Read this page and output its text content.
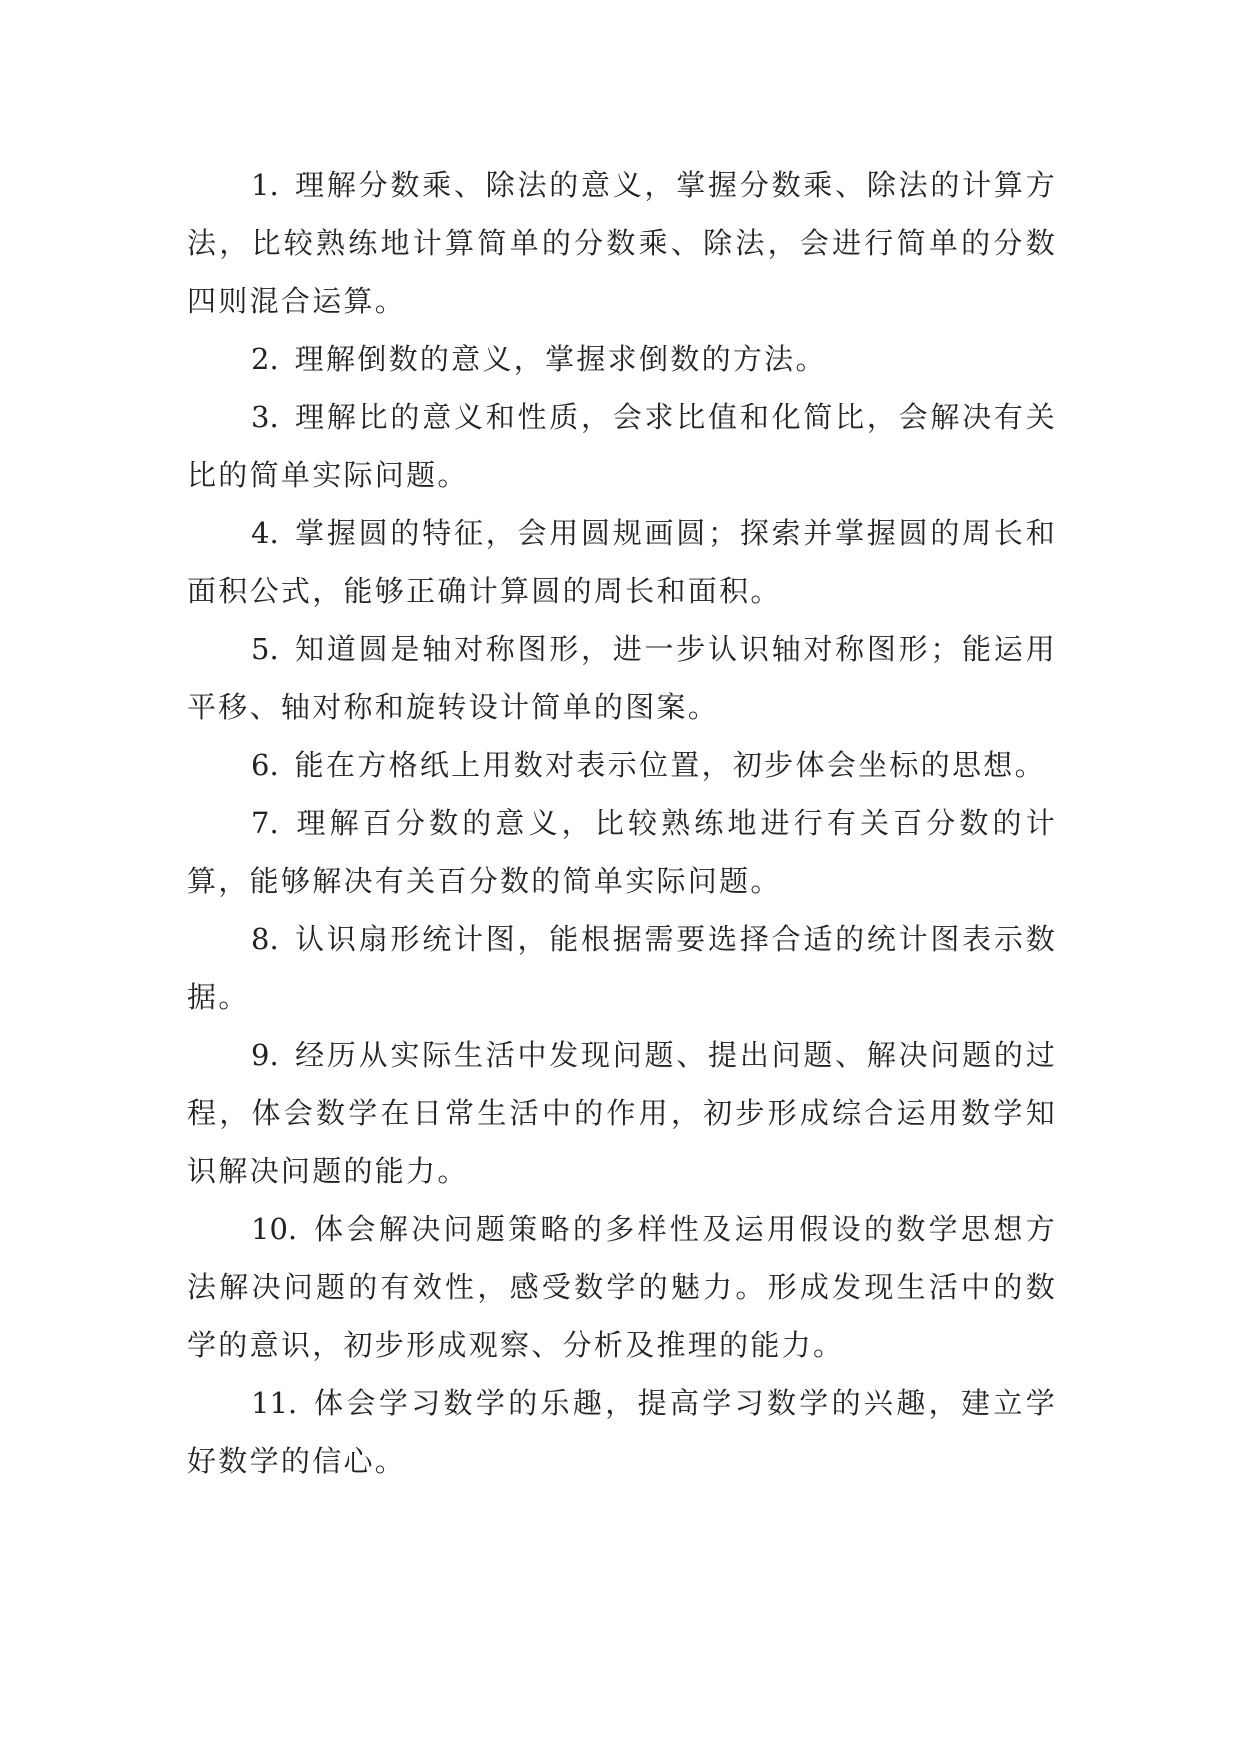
1. 理解分数乘、除法的意义，掌握分数乘、除法的计算方法，比较熟练地计算简单的分数乘、除法，会进行简单的分数四则混合运算。

2. 理解倒数的意义，掌握求倒数的方法。

3. 理解比的意义和性质，会求比值和化简比，会解决有关比的简单实际问题。

4. 掌握圆的特征，会用圆规画圆；探索并掌握圆的周长和面积公式，能够正确计算圆的周长和面积。

5. 知道圆是轴对称图形，进一步认识轴对称图形；能运用平移、轴对称和旋转设计简单的图案。

6. 能在方格纸上用数对表示位置，初步体会坐标的思想。

7. 理解百分数的意义，比较熟练地进行有关百分数的计算，能够解决有关百分数的简单实际问题。

8. 认识扇形统计图，能根据需要选择合适的统计图表示数据。

9. 经历从实际生活中发现问题、提出问题、解决问题的过程，体会数学在日常生活中的作用，初步形成综合运用数学知识解决问题的能力。

10. 体会解决问题策略的多样性及运用假设的数学思想方法解决问题的有效性，感受数学的魅力。形成发现生活中的数学的意识，初步形成观察、分析及推理的能力。

11. 体会学习数学的乐趣，提高学习数学的兴趣，建立学好数学的信心。
